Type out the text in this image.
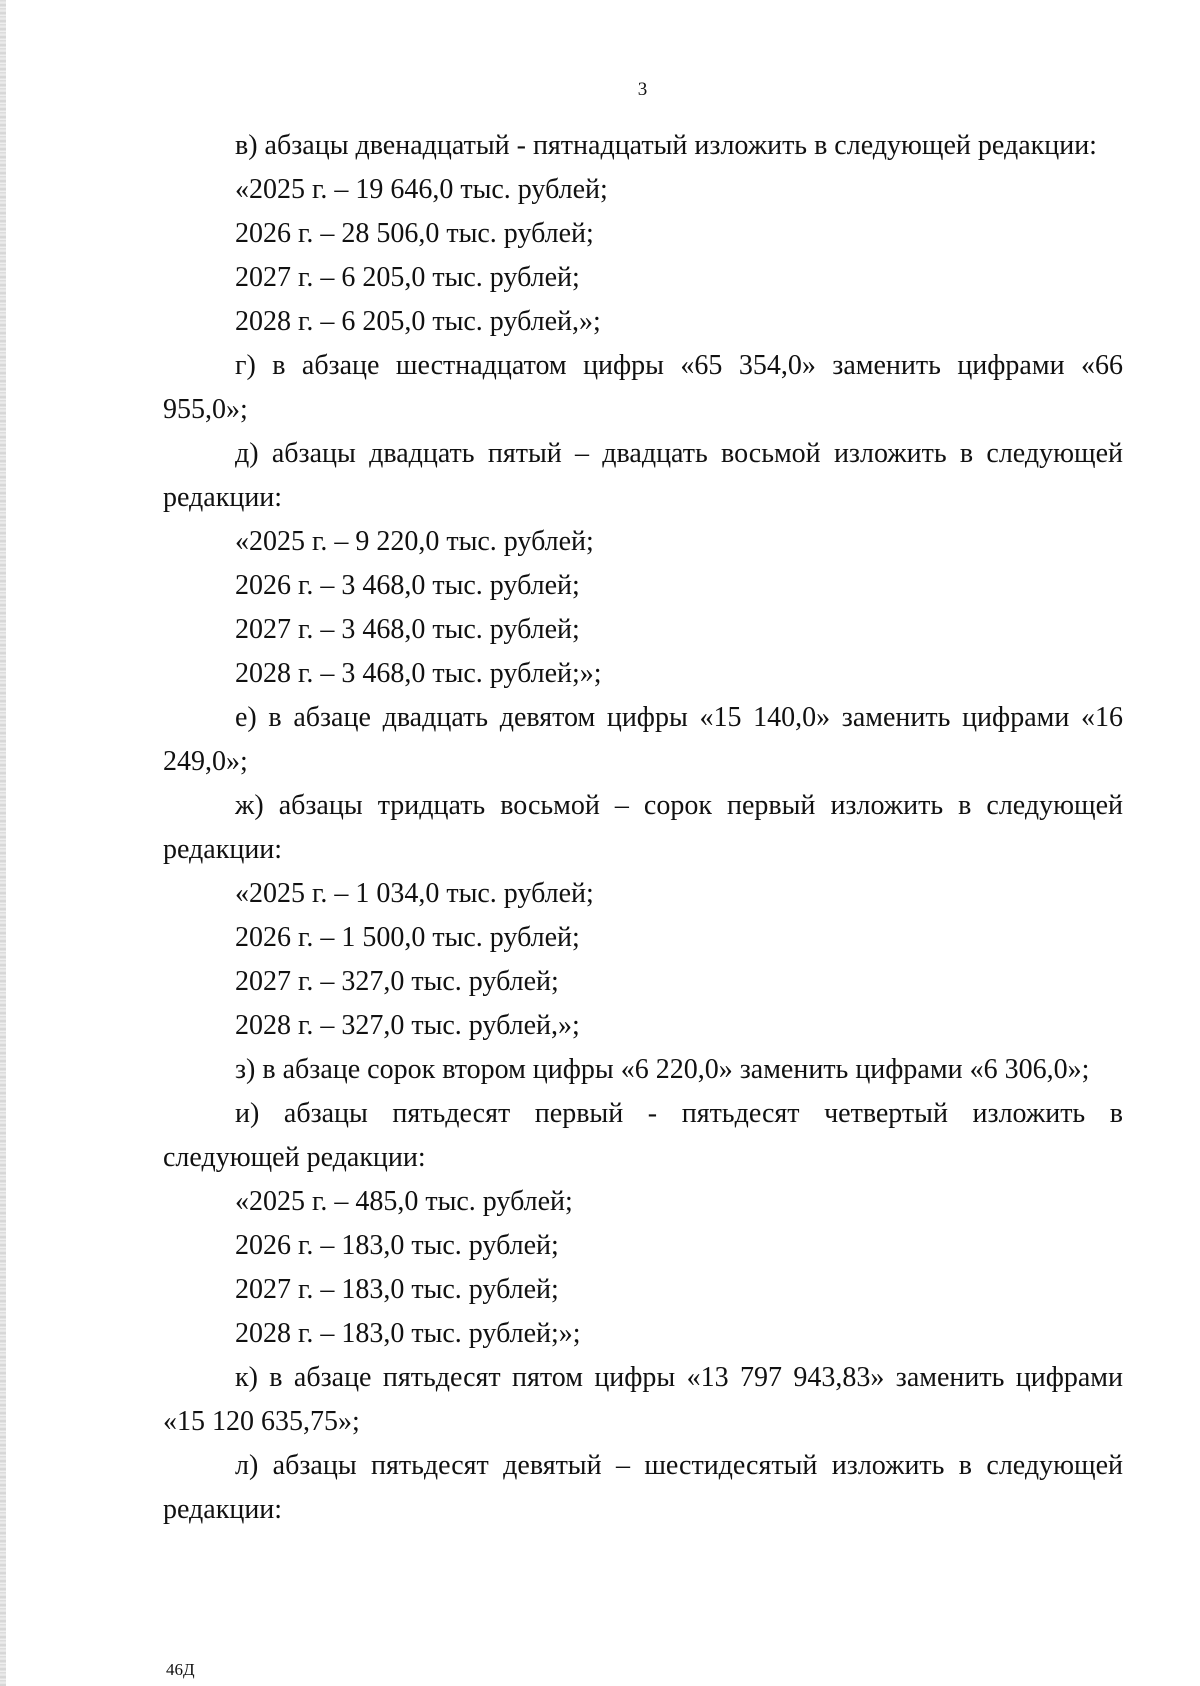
3

в) абзацы двенадцатый - пятнадцатый изложить в следующей редакции:

«2025 г. – 19 646,0 тыс. рублей;

2026 г. – 28 506,0 тыс. рублей;

2027 г. – 6 205,0 тыс. рублей;

2028 г. – 6 205,0 тыс. рублей,»;

г) в абзаце шестнадцатом цифры «65 354,0» заменить цифрами «66 955,0»;

д) абзацы двадцать пятый – двадцать восьмой изложить в следующей редакции:

«2025 г. – 9 220,0 тыс. рублей;

2026 г. – 3 468,0 тыс. рублей;

2027 г. – 3 468,0 тыс. рублей;

2028 г. – 3 468,0 тыс. рублей;»;

е) в абзаце двадцать девятом цифры «15 140,0» заменить цифрами «16 249,0»;

ж) абзацы тридцать восьмой – сорок первый изложить в следующей редакции:

«2025 г. – 1 034,0 тыс. рублей;

2026 г. – 1 500,0 тыс. рублей;

2027 г. – 327,0 тыс. рублей;

2028 г. – 327,0 тыс. рублей,»;

з) в абзаце сорок втором цифры «6 220,0» заменить цифрами «6 306,0»;

и) абзацы пятьдесят первый - пятьдесят четвертый изложить в следующей редакции:

«2025 г. – 485,0 тыс. рублей;

2026 г. – 183,0 тыс. рублей;

2027 г. – 183,0 тыс. рублей;

2028 г. – 183,0 тыс. рублей;»;

к) в абзаце пятьдесят пятом цифры «13 797 943,83» заменить цифрами «15 120 635,75»;

л) абзацы пятьдесят девятый – шестидесятый изложить в следующей редакции:

46Д
